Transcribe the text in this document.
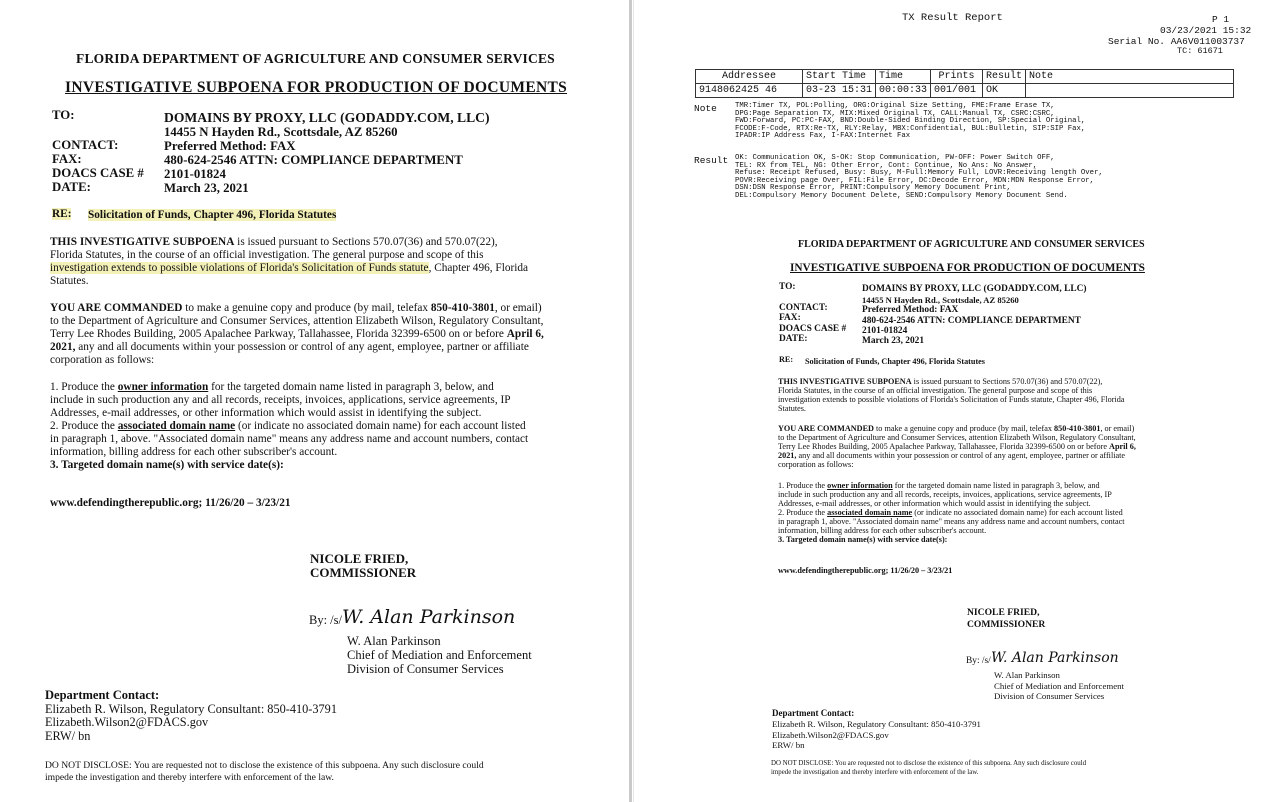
FLORIDA DEPARTMENT OF AGRICULTURE AND CONSUMER SERVICES
INVESTIGATIVE SUBPOENA FOR PRODUCTION OF DOCUMENTS
TO:	DOMAINS BY PROXY, LLC (GODADDY.COM, LLC)
14455 N Hayden Rd., Scottsdale, AZ 85260
CONTACT:	Preferred Method: FAX
FAX:	480-624-2546 ATTN: COMPLIANCE DEPARTMENT
DOACS CASE # 2101-01824
DATE:	March 23, 2021
RE: Solicitation of Funds, Chapter 496, Florida Statutes
THIS INVESTIGATIVE SUBPOENA is issued pursuant to Sections 570.07(36) and 570.07(22),
Florida Statutes, in the course of an official investigation. The general purpose and scope of this
investigation extends to possible violations of Florida's Solicitation of Funds statute, Chapter 496, Florida
Statutes.
YOU ARE COMMANDED to make a genuine copy and produce (by mail, telefax 850-410-3801, or email)
to the Department of Agriculture and Consumer Services, attention Elizabeth Wilson, Regulatory Consultant,
Terry Lee Rhodes Building, 2005 Apalachee Parkway, Tallahassee, Florida 32399-6500 on or before April 6,
2021, any and all documents within your possession or control of any agent, employee, partner or affiliate
corporation as follows:
1. Produce the owner information for the targeted domain name listed in paragraph 3, below, and
include in such production any and all records, receipts, invoices, applications, service agreements, IP
Addresses, e-mail addresses, or other information which would assist in identifying the subject.
2. Produce the associated domain name (or indicate no associated domain name) for each account listed
in paragraph 1, above. "Associated domain name" means any address name and account numbers, contact
information, billing address for each other subscriber's account.
3. Targeted domain name(s) with service date(s):
www.defendingtherepublic.org; 11/26/20 – 3/23/21
NICOLE FRIED,
COMMISSIONER
By: /s/ W. Alan Parkinson
W. Alan Parkinson
Chief of Mediation and Enforcement
Division of Consumer Services
Department Contact:
Elizabeth R. Wilson, Regulatory Consultant: 850-410-3791
Elizabeth.Wilson2@FDACS.gov
ERW/ bn
DO NOT DISCLOSE: You are requested not to disclose the existence of this subpoena. Any such disclosure could
impede the investigation and thereby interfere with enforcement of the law.
TX Result Report	P 1
03/23/2021 15:32
Serial No. AA6V011003737
TC: 61671
Addressee	Start Time	Time	Prints	Result	Note
9148062425 46	03-23 15:31	00:00:33	001/001	OK	
Note TMR:Timer TX, POL:Polling, ORG:Original Size Setting, FME:Frame Erase TX,
DPG:Page Separation TX, MIX:Mixed Original TX, CALL:Manual TX, CSRC:CSRC,
FWD:Forward, PC:PC-FAX, BND:Double-Sided Binding Direction, SP:Special Original,
FCODE:F-Code, RTX:Re-TX, RLY:Relay, MBX:Confidential, BUL:Bulletin, SIP:SIP Fax,
IPADR:IP Address Fax, I-FAX:Internet Fax
Result OK: Communication OK, S-OK: Stop Communication, PW-OFF: Power Switch OFF,
TEL: RX from TEL, NG: Other Error, Cont: Continue, No Ans: No Answer,
Refuse: Receipt Refused, Busy: Busy, M-Full:Memory Full, LOVR:Receiving length Over,
POVR:Receiving page Over, FIL:File Error, DC:Decode Error, MDN:MDN Response Error,
DSN:DSN Response Error, PRINT:Compulsory Memory Document Print,
DEL:Compulsory Memory Document Delete, SEND:Compulsory Memory Document Send.
FLORIDA DEPARTMENT OF AGRICULTURE AND CONSUMER SERVICES
INVESTIGATIVE SUBPOENA FOR PRODUCTION OF DOCUMENTS
TO:	DOMAINS BY PROXY, LLC (GODADDY.COM, LLC)
14455 N Hayden Rd., Scottsdale, AZ 85260
CONTACT:	Preferred Method: FAX
FAX:	480-624-2546 ATTN: COMPLIANCE DEPARTMENT
DOACS CASE # 2101-01824
DATE:	March 23, 2021
RE: Solicitation of Funds, Chapter 496, Florida Statutes
THIS INVESTIGATIVE SUBPOENA is issued pursuant to Sections 570.07(36) and 570.07(22),
Florida Statutes, in the course of an official investigation. The general purpose and scope of this
investigation extends to possible violations of Florida's Solicitation of Funds statute, Chapter 496, Florida
Statutes.
YOU ARE COMMANDED to make a genuine copy and produce (by mail, telefax 850-410-3801, or email)
to the Department of Agriculture and Consumer Services, attention Elizabeth Wilson, Regulatory Consultant,
Terry Lee Rhodes Building, 2005 Apalachee Parkway, Tallahassee, Florida 32399-6500 on or before April 6,
2021, any and all documents within your possession or control of any agent, employee, partner or affiliate
corporation as follows:
1. Produce the owner information for the targeted domain name listed in paragraph 3, below, and
include in such production any and all records, receipts, invoices, applications, service agreements, IP
Addresses, e-mail addresses, or other information which would assist in identifying the subject.
2. Produce the associated domain name (or indicate no associated domain name) for each account listed
in paragraph 1, above. "Associated domain name" means any address name and account numbers, contact
information, billing address for each other subscriber's account.
3. Targeted domain name(s) with service date(s):
www.defendingtherepublic.org; 11/26/20 – 3/23/21
NICOLE FRIED,
COMMISSIONER
By: /s/ W. Alan Parkinson
W. Alan Parkinson
Chief of Mediation and Enforcement
Division of Consumer Services
Department Contact:
Elizabeth R. Wilson, Regulatory Consultant: 850-410-3791
Elizabeth.Wilson2@FDACS.gov
ERW/ bn
DO NOT DISCLOSE: You are requested not to disclose the existence of this subpoena. Any such disclosure could
impede the investigation and thereby interfere with enforcement of the law.
